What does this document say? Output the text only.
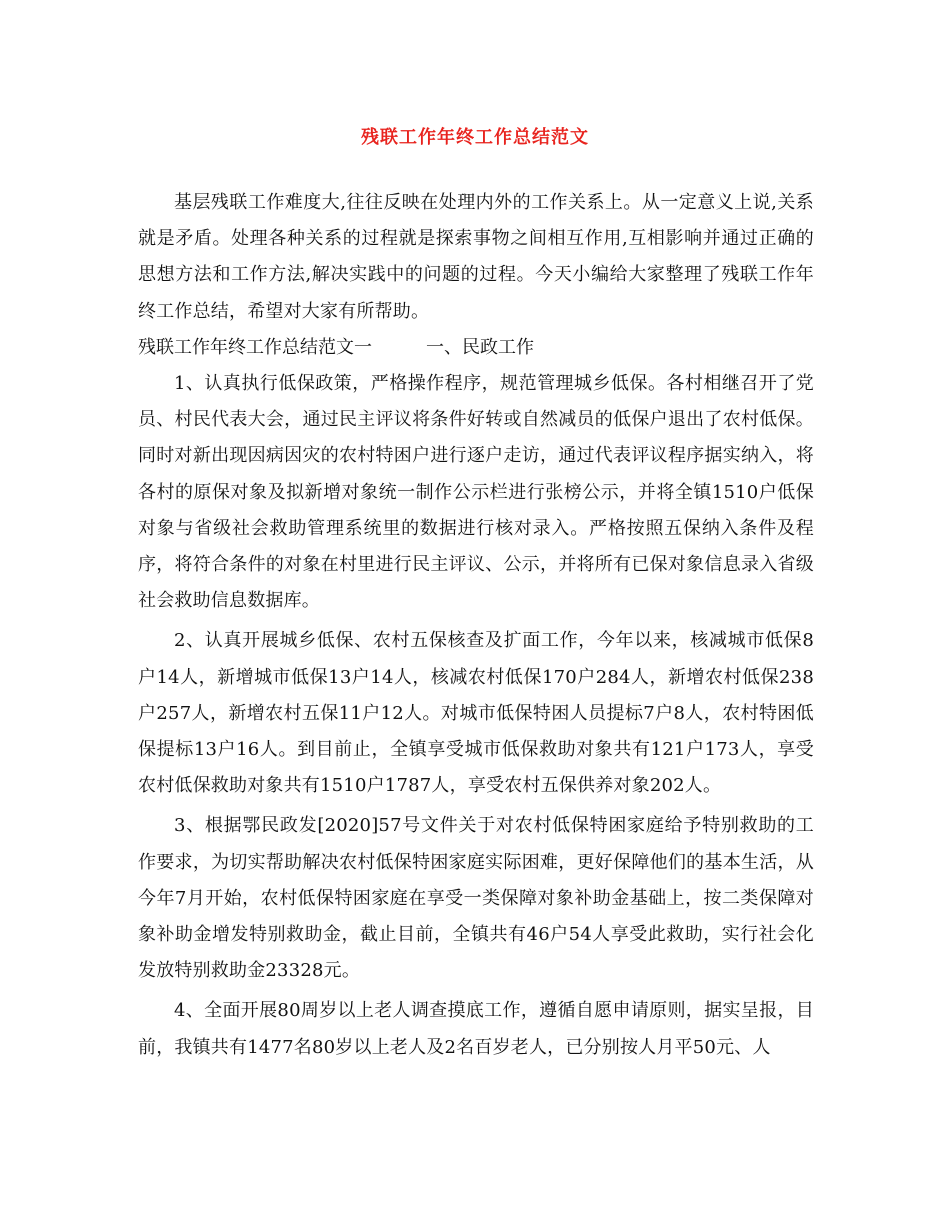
残联工作年终工作总结范文

基层残联工作难度大,往往反映在处理内外的工作关系上。从一定意义上说,关系就是矛盾。处理各种关系的过程就是探索事物之间相互作用,互相影响并通过正确的思想方法和工作方法,解决实践中的问题的过程。今天小编给大家整理了残联工作年终工作总结，希望对大家有所帮助。

残联工作年终工作总结范文一　　　一、民政工作

1、认真执行低保政策，严格操作程序，规范管理城乡低保。各村相继召开了党员、村民代表大会，通过民主评议将条件好转或自然减员的低保户退出了农村低保。同时对新出现因病因灾的农村特困户进行逐户走访，通过代表评议程序据实纳入，将各村的原保对象及拟新增对象统一制作公示栏进行张榜公示，并将全镇1510户低保对象与省级社会救助管理系统里的数据进行核对录入。严格按照五保纳入条件及程序，将符合条件的对象在村里进行民主评议、公示，并将所有已保对象信息录入省级社会救助信息数据库。

2、认真开展城乡低保、农村五保核查及扩面工作，今年以来，核减城市低保8户14人，新增城市低保13户14人，核减农村低保170户284人，新增农村低保238户257人，新增农村五保11户12人。对城市低保特困人员提标7户8人，农村特困低保提标13户16人。到目前止，全镇享受城市低保救助对象共有121户173人，享受农村低保救助对象共有1510户1787人，享受农村五保供养对象202人。

3、根据鄂民政发[2020]57号文件关于对农村低保特困家庭给予特别救助的工作要求，为切实帮助解决农村低保特困家庭实际困难，更好保障他们的基本生活，从今年7月开始，农村低保特困家庭在享受一类保障对象补助金基础上，按二类保障对象补助金增发特别救助金，截止目前，全镇共有46户54人享受此救助，实行社会化发放特别救助金23328元。

4、全面开展80周岁以上老人调查摸底工作，遵循自愿申请原则，据实呈报，目前，我镇共有1477名80岁以上老人及2名百岁老人，已分别按人月平50元、人
